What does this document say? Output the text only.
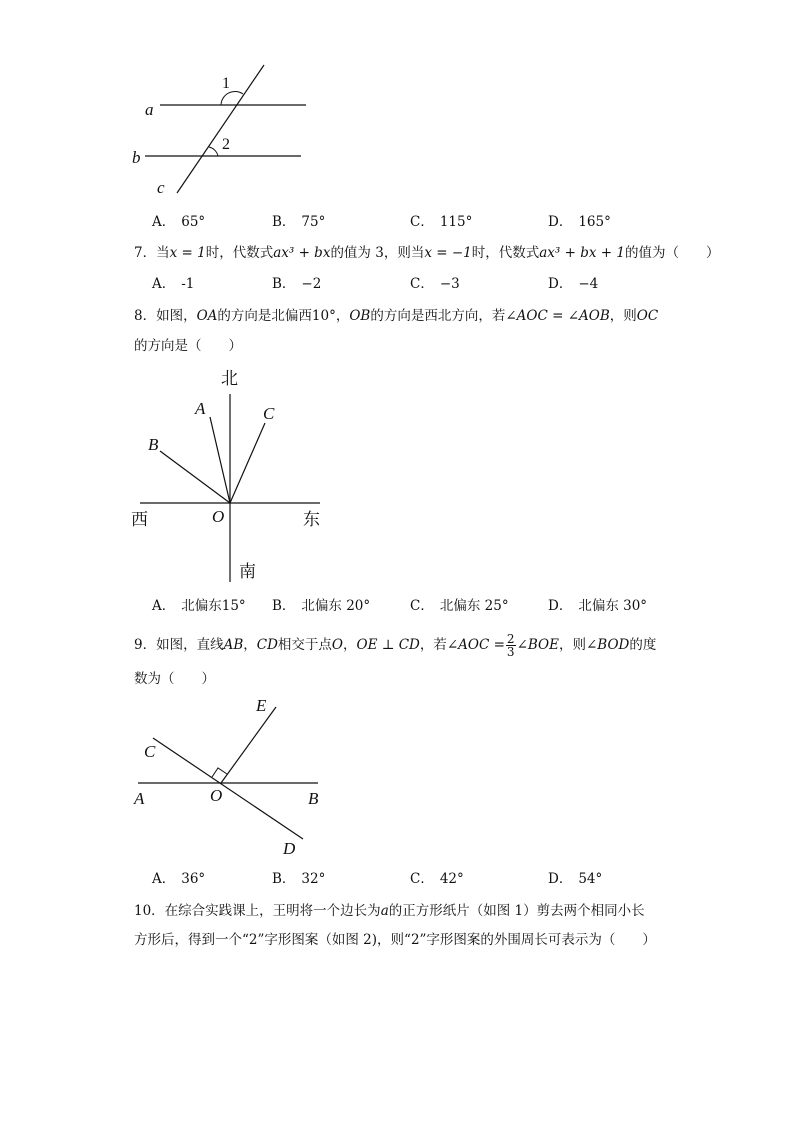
a
b
c
1
2
A． 65°	B． 75°	C． 115°	D． 165°
7．当x = 1时，代数式ax³ + bx的值为 3，则当x = −1时，代数式ax³ + bx + 1的值为（　　）
A． -1	B． −2	C． −3	D． −4
8．如图，OA的方向是北偏西10°，OB的方向是西北方向，若∠AOC = ∠AOB，则OC
的方向是（　　）
北
南
西	东
A
B
C
O
A． 北偏东15° B． 北偏东 20°	C． 北偏东 25°	D． 北偏东 30°
9．如图，直线AB，CD相交于点O，OE ⊥ CD，若∠AOC = $\frac{2}{3}$ ∠BOE，则∠BOD的度
数为（　　）
A	B
C
D
E
O
A． 36°	B． 32°	C． 42°	D． 54°
10．在综合实践课上，王明将一个边长为a的正方形纸片（如图 1）剪去两个相同小长
方形后，得到一个“2”字形图案（如图 2)，则“2”字形图案的外围周长可表示为（　　）
